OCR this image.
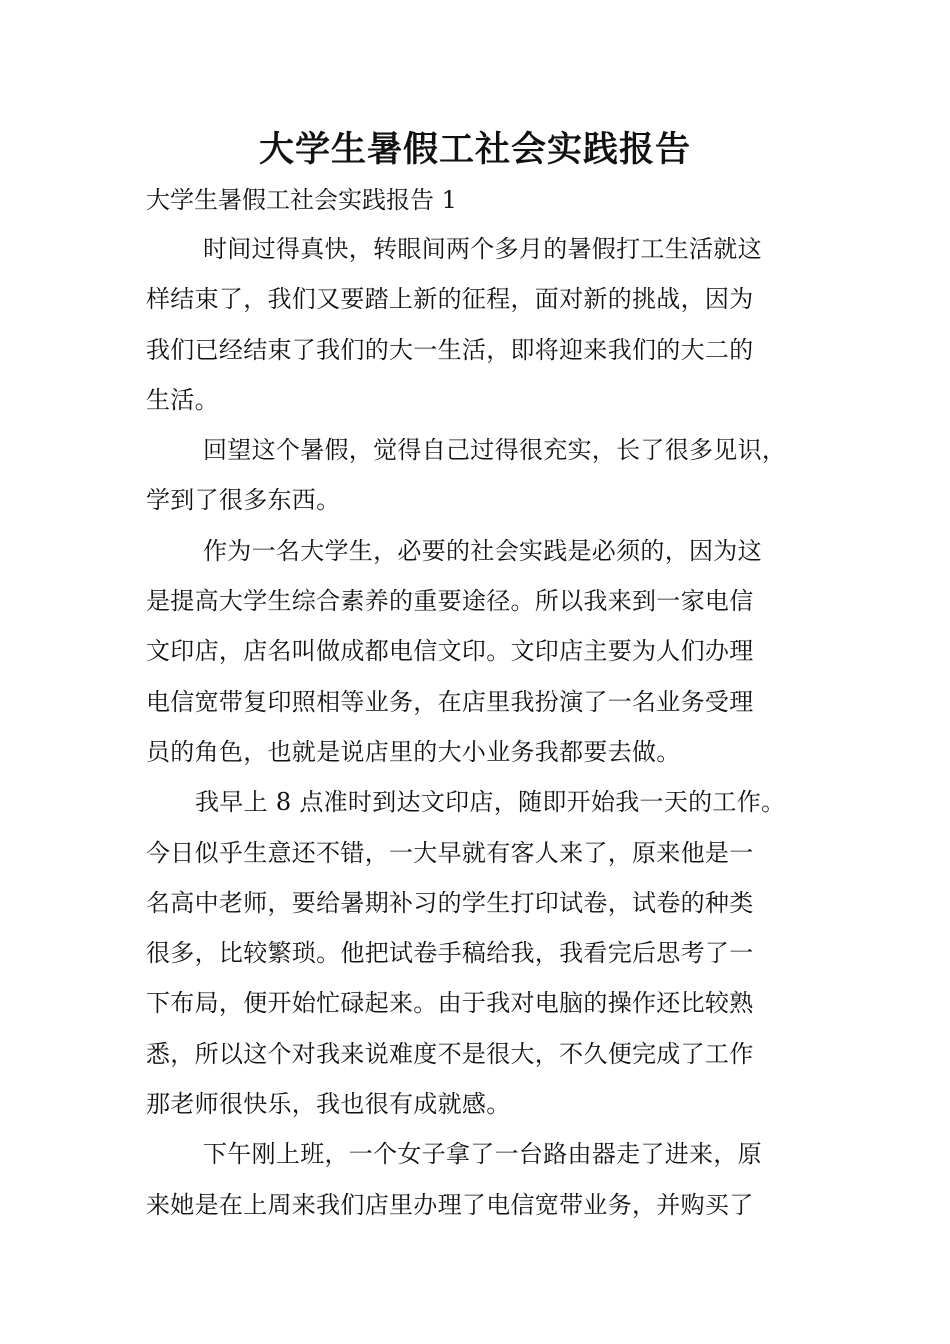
大学生暑假工社会实践报告

大学生暑假工社会实践报告 1

时间过得真快，转眼间两个多月的暑假打工生活就这
样结束了，我们又要踏上新的征程，面对新的挑战，因为
我们已经结束了我们的大一生活，即将迎来我们的大二的
生活。
回望这个暑假，觉得自己过得很充实，长了很多见识，
学到了很多东西。
作为一名大学生，必要的社会实践是必须的，因为这
是提高大学生综合素养的重要途径。所以我来到一家电信
文印店，店名叫做成都电信文印。文印店主要为人们办理
电信宽带复印照相等业务，在店里我扮演了一名业务受理
员的角色，也就是说店里的大小业务我都要去做。
我早上 8 点准时到达文印店，随即开始我一天的工作。
今日似乎生意还不错，一大早就有客人来了，原来他是一
名高中老师，要给暑期补习的学生打印试卷，试卷的种类
很多，比较繁琐。他把试卷手稿给我，我看完后思考了一
下布局，便开始忙碌起来。由于我对电脑的操作还比较熟
悉，所以这个对我来说难度不是很大，不久便完成了工作
那老师很快乐，我也很有成就感。
下午刚上班，一个女子拿了一台路由器走了进来，原
来她是在上周来我们店里办理了电信宽带业务，并购买了
